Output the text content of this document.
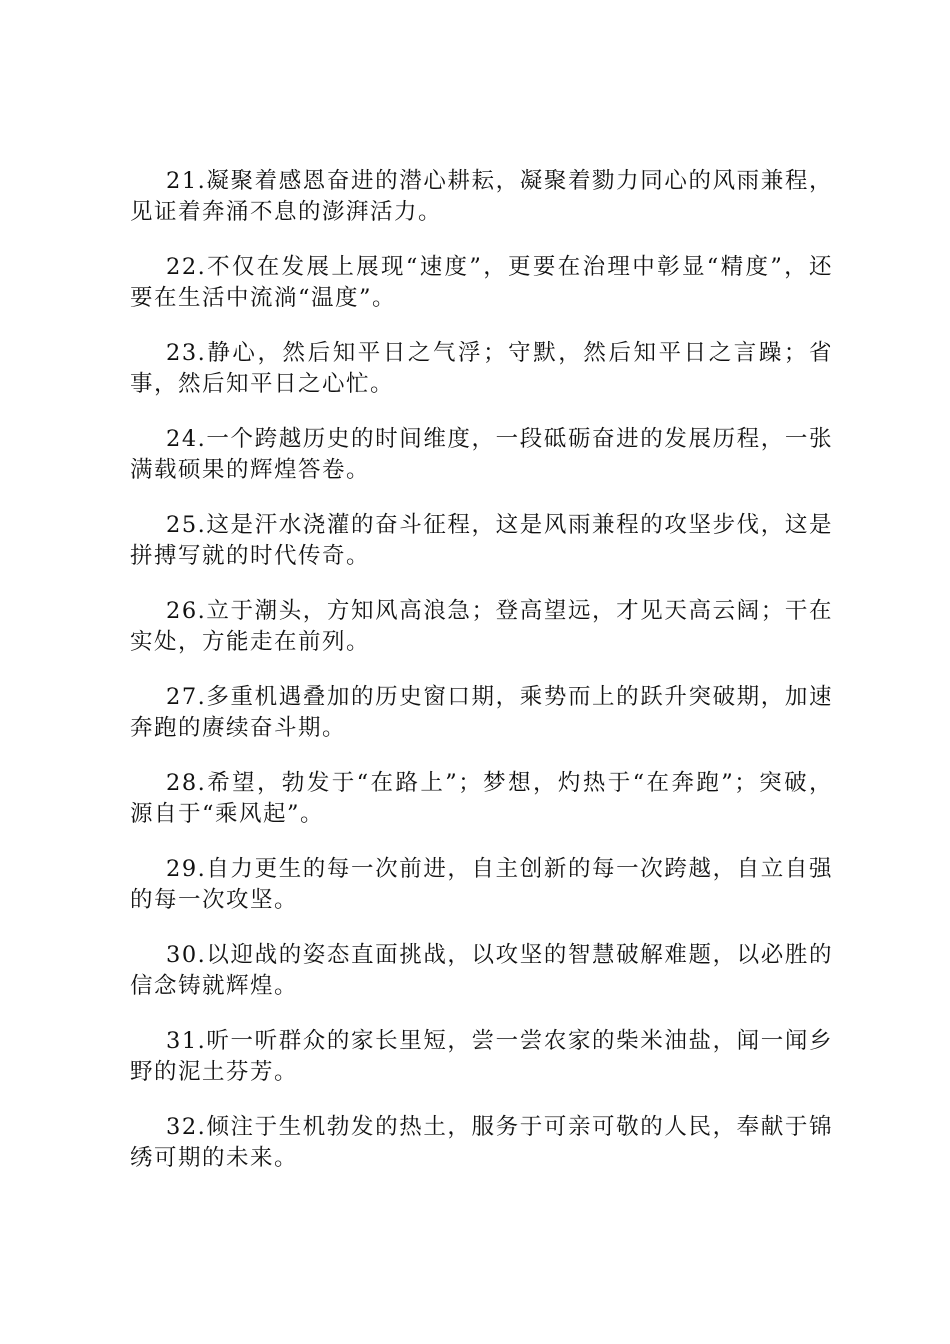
21.凝聚着感恩奋进的潜心耕耘，凝聚着勠力同心的风雨兼程，见证着奔涌不息的澎湃活力。

22.不仅在发展上展现“速度”，更要在治理中彰显“精度”，还要在生活中流淌“温度”。

23.静心，然后知平日之气浮；守默，然后知平日之言躁；省事，然后知平日之心忙。

24.一个跨越历史的时间维度，一段砥砺奋进的发展历程，一张满载硕果的辉煌答卷。

25.这是汗水浇灌的奋斗征程，这是风雨兼程的攻坚步伐，这是拼搏写就的时代传奇。

26.立于潮头，方知风高浪急；登高望远，才见天高云阔；干在实处，方能走在前列。

27.多重机遇叠加的历史窗口期，乘势而上的跃升突破期，加速奔跑的赓续奋斗期。

28.希望，勃发于“在路上”；梦想，灼热于“在奔跑”；突破，源自于“乘风起”。

29.自力更生的每一次前进，自主创新的每一次跨越，自立自强的每一次攻坚。

30.以迎战的姿态直面挑战，以攻坚的智慧破解难题，以必胜的信念铸就辉煌。

31.听一听群众的家长里短，尝一尝农家的柴米油盐，闻一闻乡野的泥土芬芳。

32.倾注于生机勃发的热土，服务于可亲可敬的人民，奉献于锦绣可期的未来。
